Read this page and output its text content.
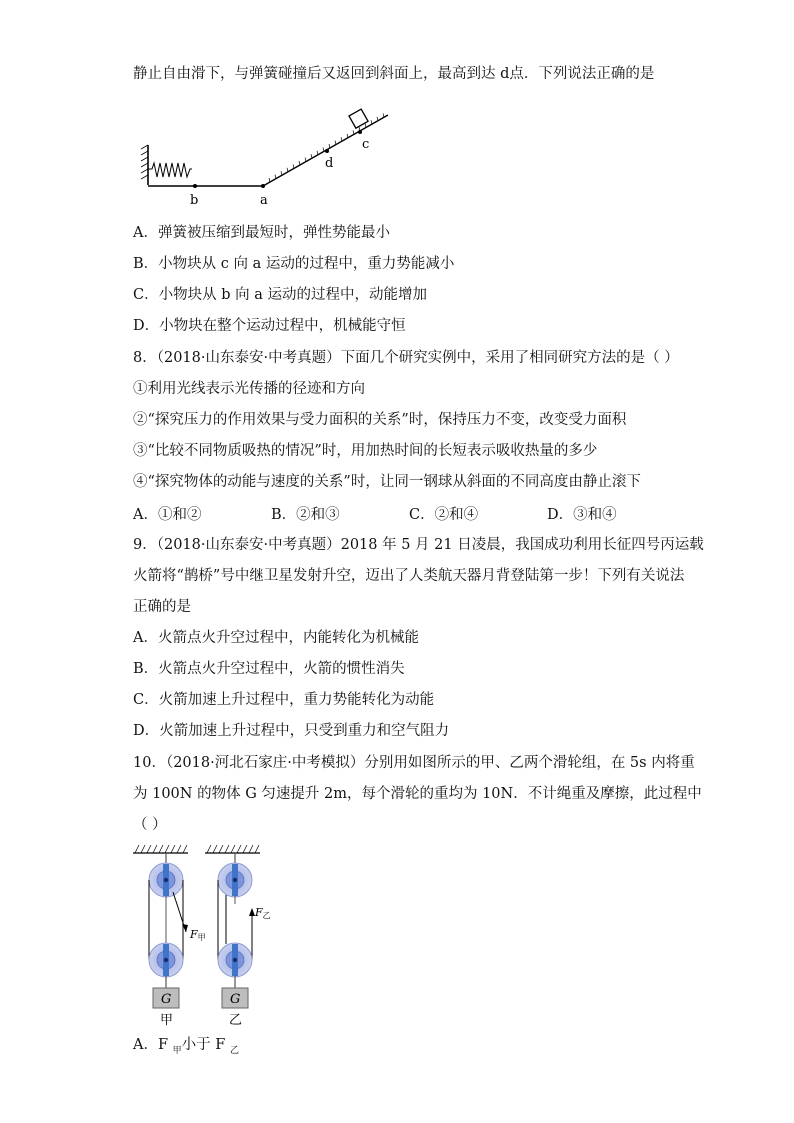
静止自由滑下，与弹簧碰撞后又返回到斜面上，最高到达 d点．下列说法正确的是
b	a
d
c
A．弹簧被压缩到最短时，弹性势能最小
B．小物块从 c 向 a 运动的过程中，重力势能减小
C．小物块从 b 向 a 运动的过程中，动能增加
D．小物块在整个运动过程中，机械能守恒
8．（2018·山东泰安·中考真题）下面几个研究实例中，采用了相同研究方法的是（ ）
①利用光线表示光传播的径迹和方向
②“探究压力的作用效果与受力面积的关系”时，保持压力不变，改变受力面积
③“比较不同物质吸热的情况”时，用加热时间的长短表示吸收热量的多少
④“探究物体的动能与速度的关系”时，让同一钢球从斜面的不同高度由静止滚下
A．①和②	B．②和③	C．②和④	D．③和④
9．（2018·山东泰安·中考真题）2018 年 5 月 21 日凌晨，我国成功利用长征四号丙运载
火箭将“鹊桥”号中继卫星发射升空，迈出了人类航天器月背登陆第一步！下列有关说法
正确的是
A．火箭点火升空过程中，内能转化为机械能
B．火箭点火升空过程中，火箭的惯性消失
C．火箭加速上升过程中，重力势能转化为动能
D．火箭加速上升过程中，只受到重力和空气阻力
10．（2018·河北石家庄·中考模拟）分别用如图所示的甲、乙两个滑轮组，在 5s 内将重
为 100N 的物体 G 匀速提升 2m，每个滑轮的重均为 10N．不计绳重及摩擦，此过程中
（ ）
G
F甲
甲
G
F乙
乙
A．F $_甲$小于 F $_乙$
